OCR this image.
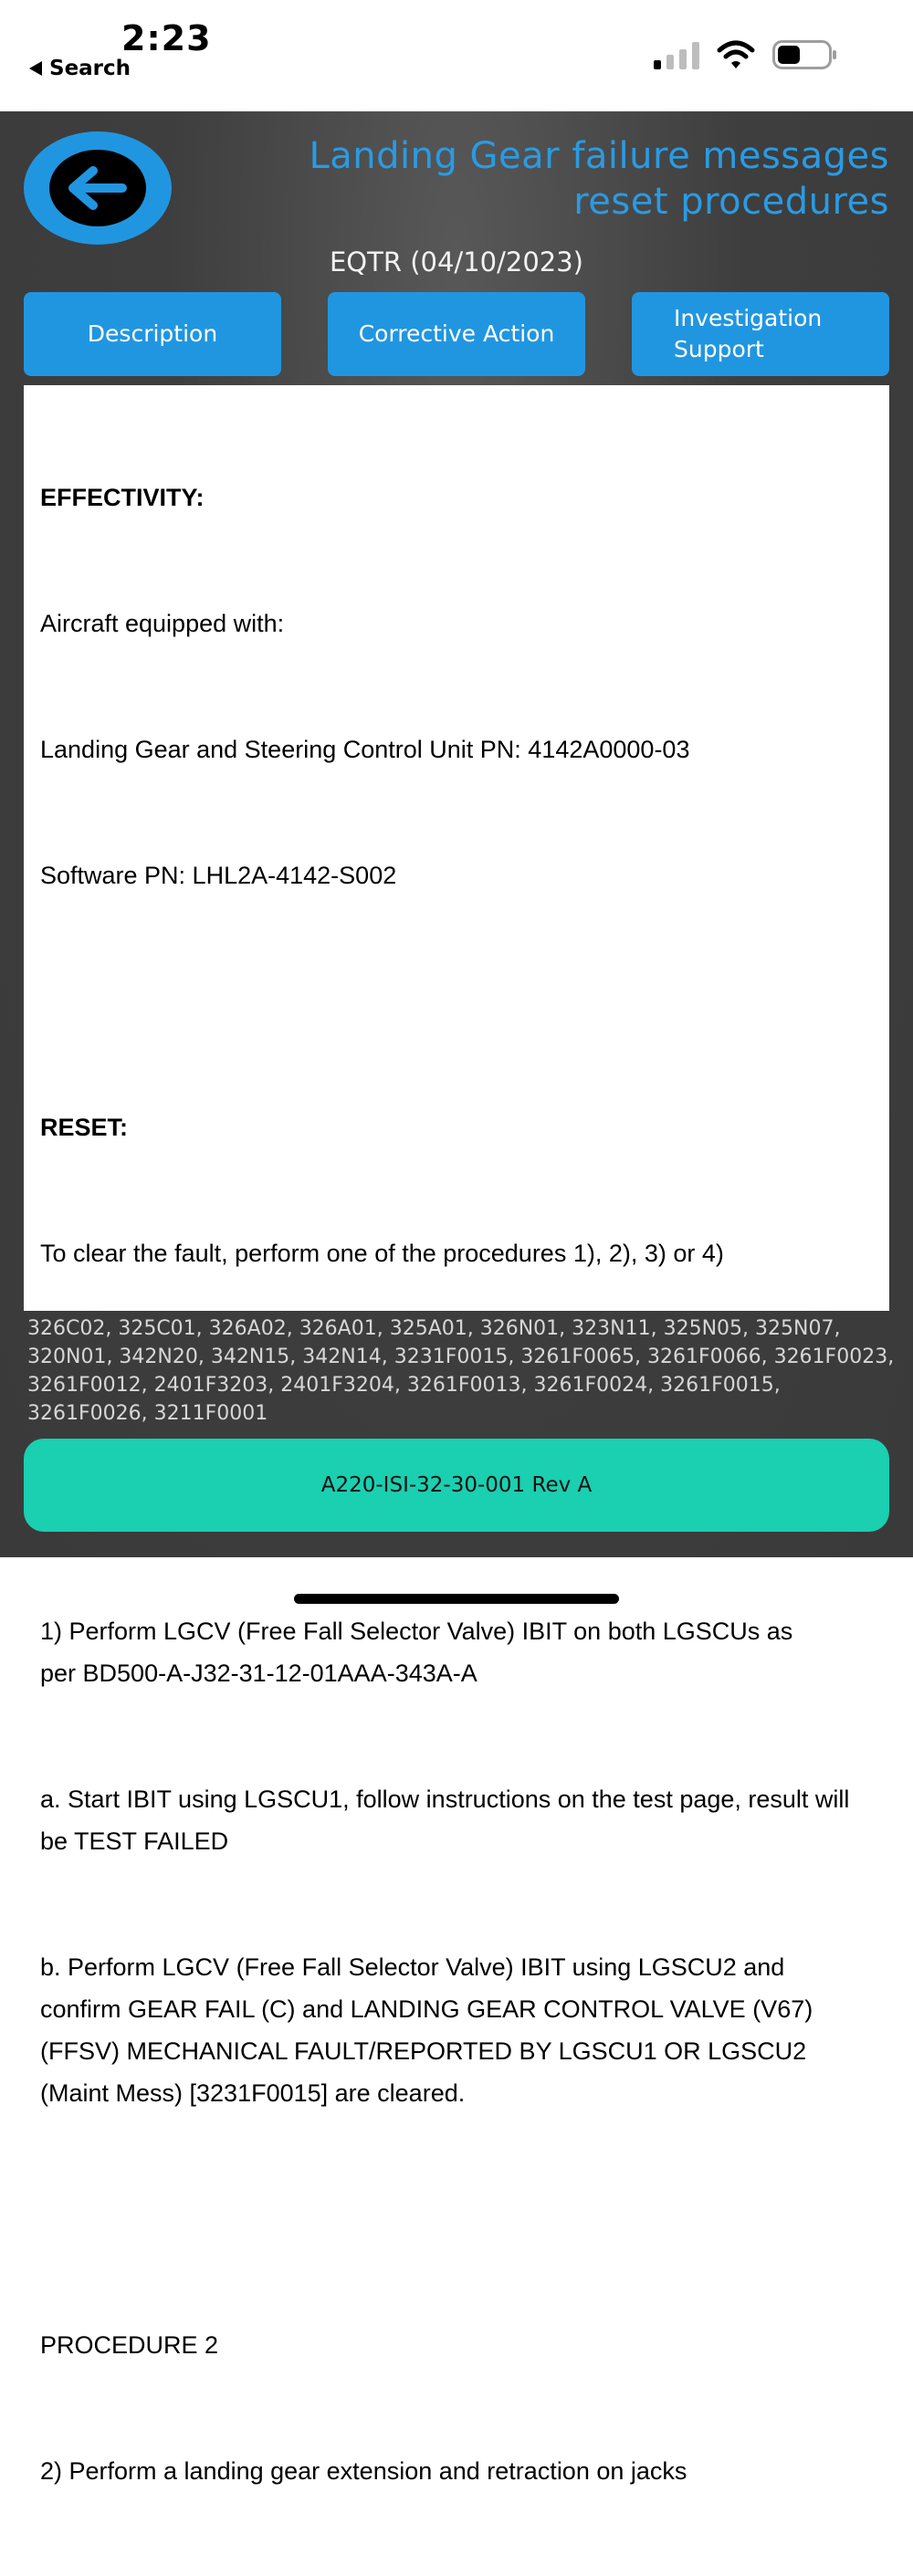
2:23
Search
Landing Gear failure messages
reset procedures
EQTR (04/10/2023)
Description	Corrective Action
Investigation Support

EFFECTIVITY:

Aircraft equipped with:

Landing Gear and Steering Control Unit PN: 4142A0000-03

Software PN: LHL2A-4142-S002

RESET:

To clear the fault, perform one of the procedures 1), 2), 3) or 4)

1) Perform LGCV (Free Fall Selector Valve) IBIT on both LGSCUs as per BD500-A-J32-31-12-01AAA-343A-A

a. Start IBIT using LGSCU1, follow instructions on the test page, result will be TEST FAILED

b. Perform LGCV (Free Fall Selector Valve) IBIT using LGSCU2 and confirm GEAR FAIL (C) and LANDING GEAR CONTROL VALVE (V67) (FFSV) MECHANICAL FAULT/REPORTED BY LGSCU1 OR LGSCU2 (Maint Mess) [3231F0015] are cleared.

PROCEDURE 2

2) Perform a landing gear extension and retraction on jacks

326C02, 325C01, 326A02, 326A01, 325A01, 326N01, 323N11, 325N05, 325N07, 320N01, 342N20, 342N15, 342N14, 3231F0015, 3261F0065, 3261F0066, 3261F0023, 3261F0012, 2401F3203, 2401F3204, 3261F0013, 3261F0024, 3261F0015, 3261F0026, 3211F0001
A220-ISI-32-30-001 Rev A
